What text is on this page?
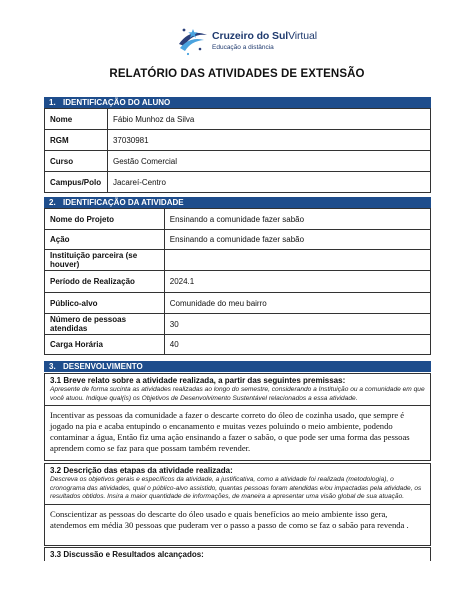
Cruzeiro do SulVirtual
Educação a distância
RELATÓRIO DAS ATIVIDADES DE EXTENSÃO
1. IDENTIFICAÇÃO DO ALUNO
Nome	Fábio Munhoz da Silva
RGM	37030981
Curso	Gestão Comercial
Campus/Polo	Jacareí-Centro
2. IDENTIFICAÇÃO DA ATIVIDADE
Nome do Projeto	Ensinando a comunidade fazer sabão
Ação	Ensinando a comunidade fazer sabão
Instituição parceira (se houver)	
Período de Realização	2024.1
Público-alvo	Comunidade do meu bairro
Número de pessoas atendidas	30
Carga Horária	40
3. DESENVOLVIMENTO
3.1 Breve relato sobre a atividade realizada, a partir das seguintes premissas:
Apresente de forma sucinta as atividades realizadas ao longo do semestre, considerando a Instituição ou a comunidade em que você atuou. Indique qual(is) os Objetivos de Desenvolvimento Sustentável relacionados a essa atividade.
Incentivar as pessoas da comunidade a fazer o descarte correto do óleo de cozinha usado, que sempre é jogado na pia e acaba entupindo o encanamento e muitas vezes poluindo o meio ambiente, podendo contaminar a água, Então fiz uma ação ensinando a fazer o sabão, o que pode ser uma forma das pessoas aprendem como se faz para que possam também revender.
3.2 Descrição das etapas da atividade realizada:
Descreva os objetivos gerais e específicos da atividade, a justificativa, como a atividade foi realizada (metodologia), o cronograma das atividades, qual o público-alvo assistido, quantas pessoas foram atendidas e/ou impactadas pela atividade, os resultados obtidos. Insira a maior quantidade de informações, de maneira a apresentar uma visão global de sua atuação.
Conscientizar as pessoas do descarte do óleo usado e quais benefícios ao meio ambiente isso gera, atendemos em média 30 pessoas que puderam ver o passo a passo de como se faz o sabão para revenda .
3.3 Discussão e Resultados alcançados:
